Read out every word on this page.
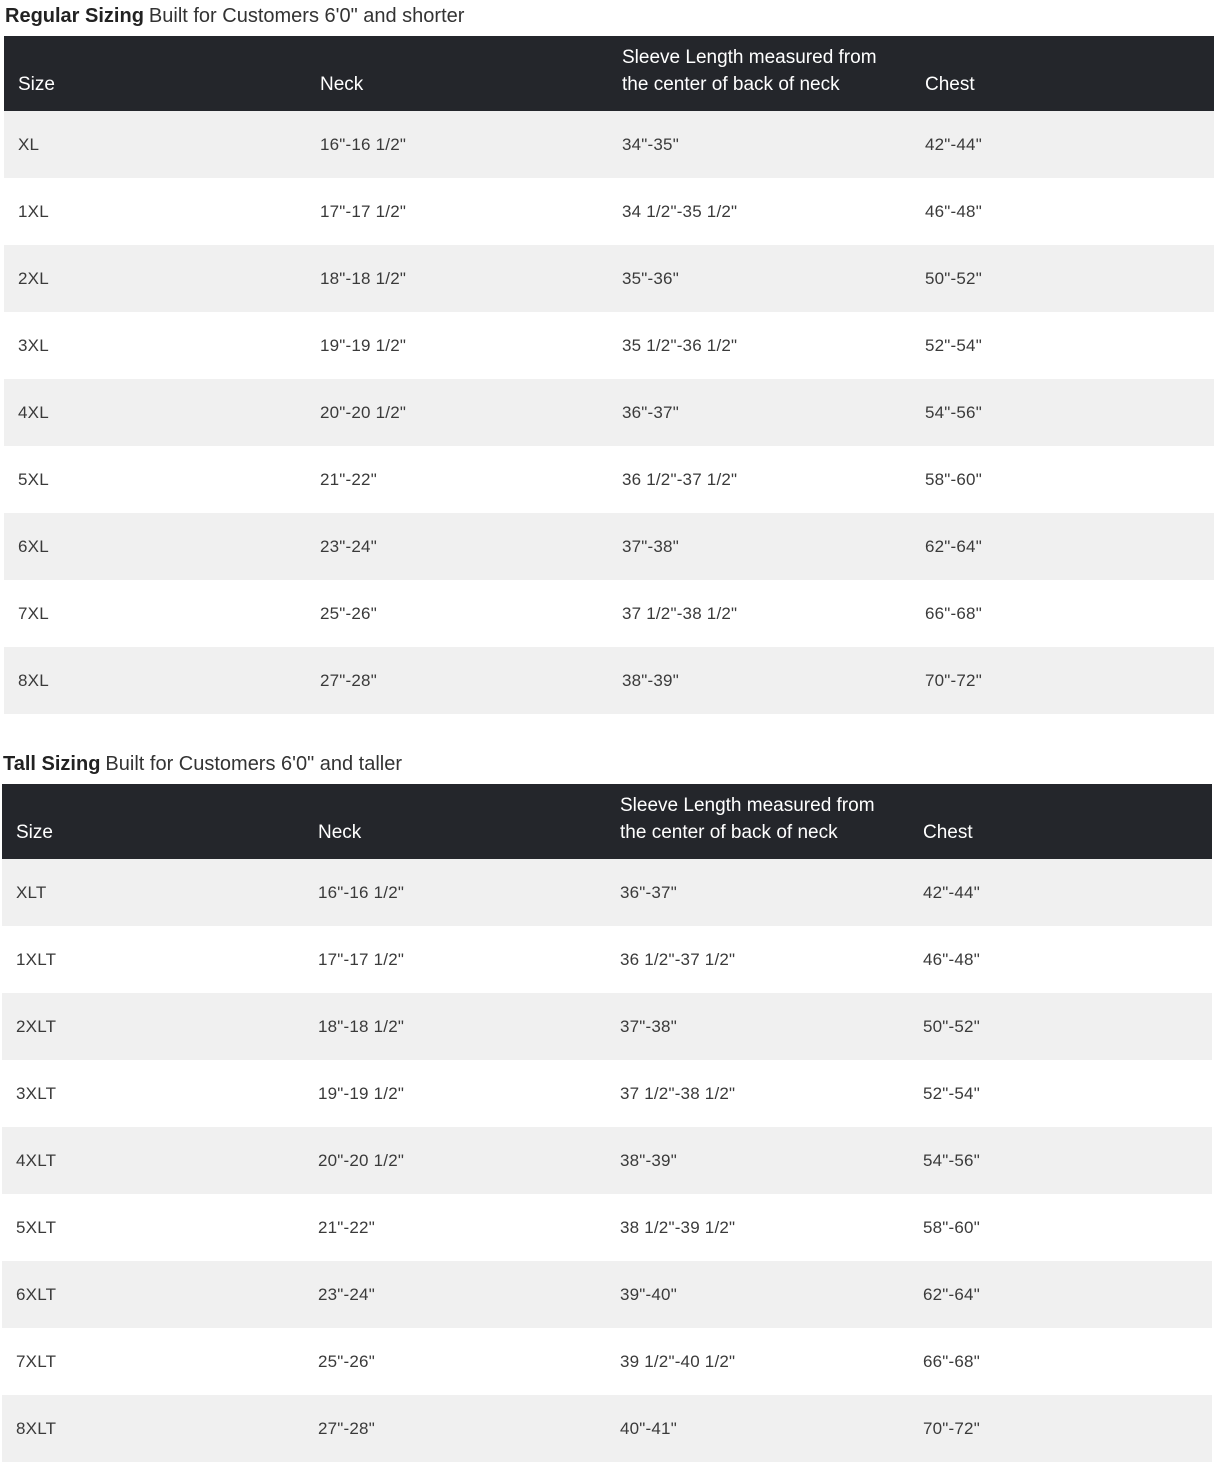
Regular Sizing Built for Customers 6'0" and shorter
Size	Neck	Sleeve Length measured from
the center of back of neck	Chest
XL	16"-16 1/2"	34"-35"	42"-44"
1XL	17"-17 1/2"	34 1/2"-35 1/2"	46"-48"
2XL	18"-18 1/2"	35"-36"	50"-52"
3XL	19"-19 1/2"	35 1/2"-36 1/2"	52"-54"
4XL	20"-20 1/2"	36"-37"	54"-56"
5XL	21"-22"	36 1/2"-37 1/2"	58"-60"
6XL	23"-24"	37"-38"	62"-64"
7XL	25"-26"	37 1/2"-38 1/2"	66"-68"
8XL	27"-28"	38"-39"	70"-72"
Tall Sizing Built for Customers 6'0" and taller
Size	Neck	Sleeve Length measured from
the center of back of neck	Chest
XLT	16"-16 1/2"	36"-37"	42"-44"
1XLT	17"-17 1/2"	36 1/2"-37 1/2"	46"-48"
2XLT	18"-18 1/2"	37"-38"	50"-52"
3XLT	19"-19 1/2"	37 1/2"-38 1/2"	52"-54"
4XLT	20"-20 1/2"	38"-39"	54"-56"
5XLT	21"-22"	38 1/2"-39 1/2"	58"-60"
6XLT	23"-24"	39"-40"	62"-64"
7XLT	25"-26"	39 1/2"-40 1/2"	66"-68"
8XLT	27"-28"	40"-41"	70"-72"
